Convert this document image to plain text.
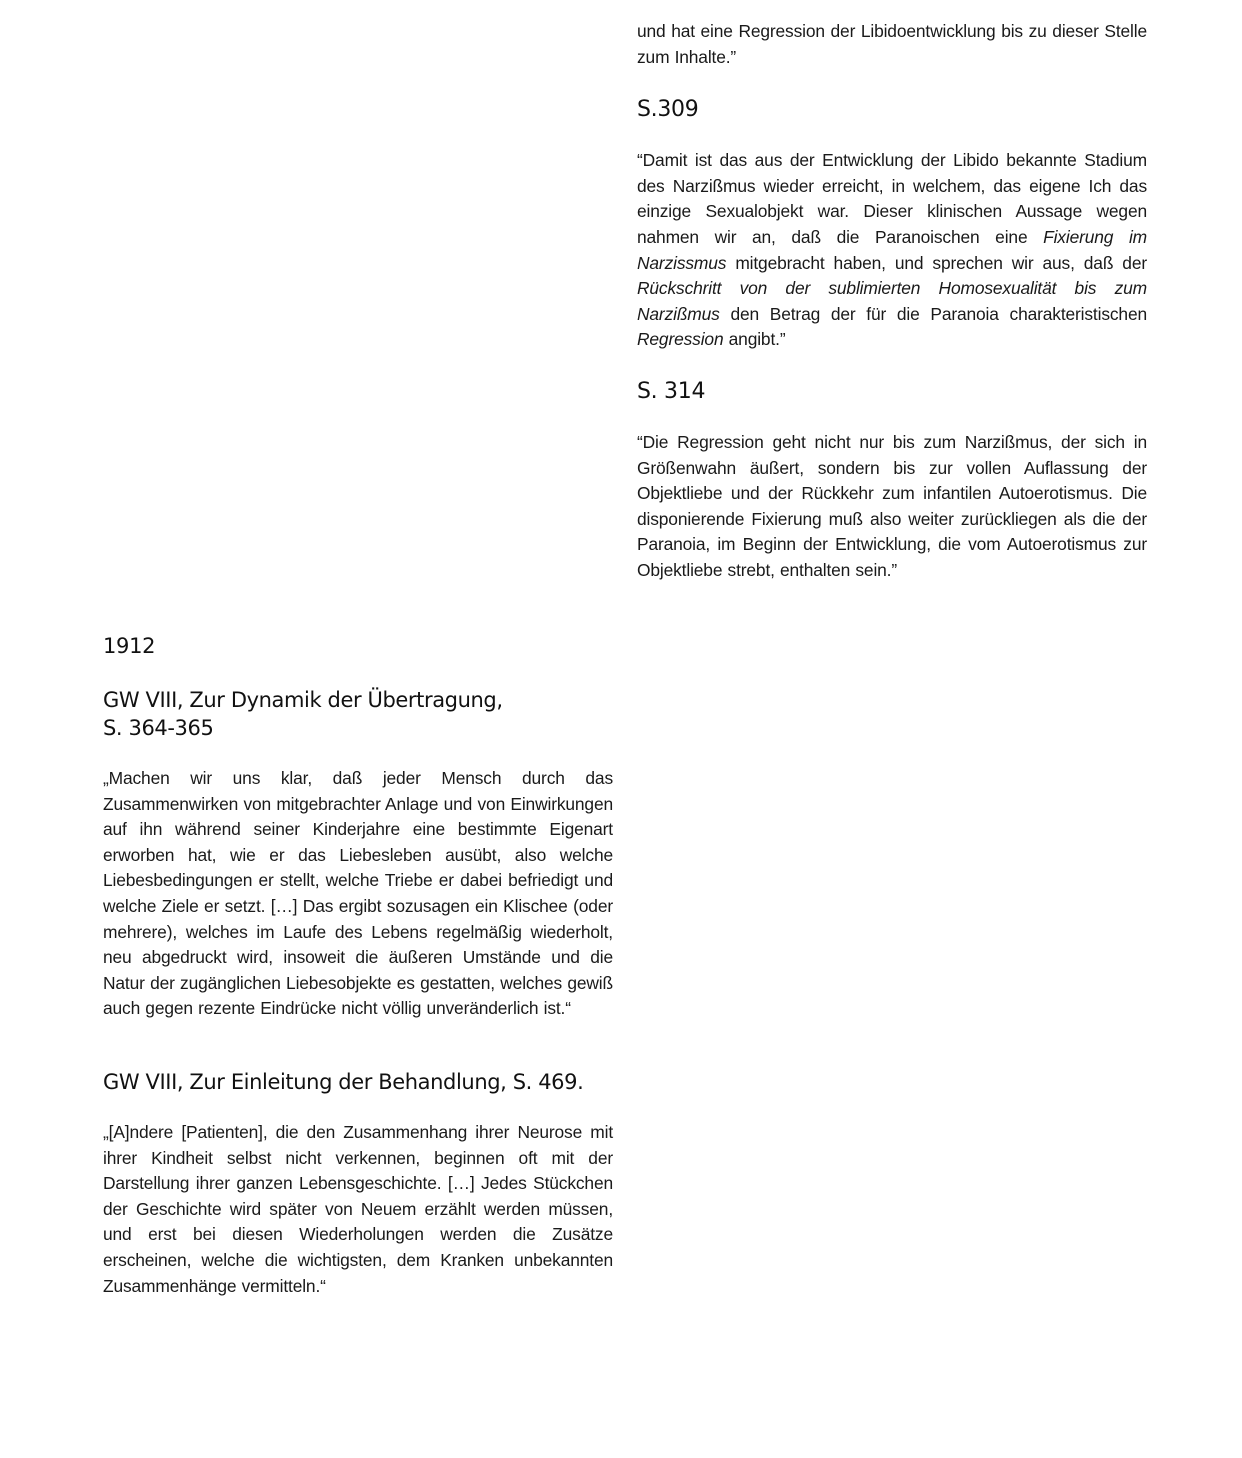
und hat eine Regression der Libidoentwicklung bis zu dieser Stelle zum Inhalte.”

S.309

“Damit ist das aus der Entwicklung der Libido bekannte Stadium des Narzißmus wieder erreicht, in welchem, das eigene Ich das einzige Sexualobjekt war. Dieser klinischen Aussage wegen nahmen wir an, daß die Paranoischen eine Fixierung im Narzissmus mitgebracht haben, und sprechen wir aus, daß der Rückschritt von der sublimierten Homosexualität bis zum Narzißmus den Betrag der für die Paranoia charakteristischen Regression angibt.”

S. 314

“Die Regression geht nicht nur bis zum Narzißmus, der sich in Größenwahn äußert, sondern bis zur vollen Auflassung der Objektliebe und der Rückkehr zum infantilen Autoerotismus. Die disponierende Fixierung muß also weiter zurückliegen als die der Paranoia, im Beginn der Entwicklung, die vom Autoerotismus zur Objektliebe strebt, enthalten sein.”

1912
GW VIII, Zur Dynamik der Übertragung,
S. 364-365

„Machen wir uns klar, daß jeder Mensch durch das Zusammenwirken von mitgebrachter Anlage und von Einwirkungen auf ihn während seiner Kinderjahre eine bestimmte Eigenart erworben hat, wie er das Liebesleben ausübt, also welche Liebesbedingungen er stellt, welche Triebe er dabei befriedigt und welche Ziele er setzt. […] Das ergibt sozusagen ein Klischee (oder mehrere), welches im Laufe des Lebens regelmäßig wiederholt, neu abgedruckt wird, insoweit die äußeren Umstände und die Natur der zugänglichen Liebesobjekte es gestatten, welches gewiß auch gegen rezente Eindrücke nicht völlig unveränderlich ist.“

GW VIII, Zur Einleitung der Behandlung, S. 469.

„[A]ndere [Patienten], die den Zusammenhang ihrer Neurose mit ihrer Kindheit selbst nicht verkennen, beginnen oft mit der Darstellung ihrer ganzen Lebensgeschichte. […] Jedes Stückchen der Geschichte wird später von Neuem erzählt werden müssen, und erst bei diesen Wiederholungen werden die Zusätze erscheinen, welche die wichtigsten, dem Kranken unbekannten Zusammenhänge vermitteln.“
